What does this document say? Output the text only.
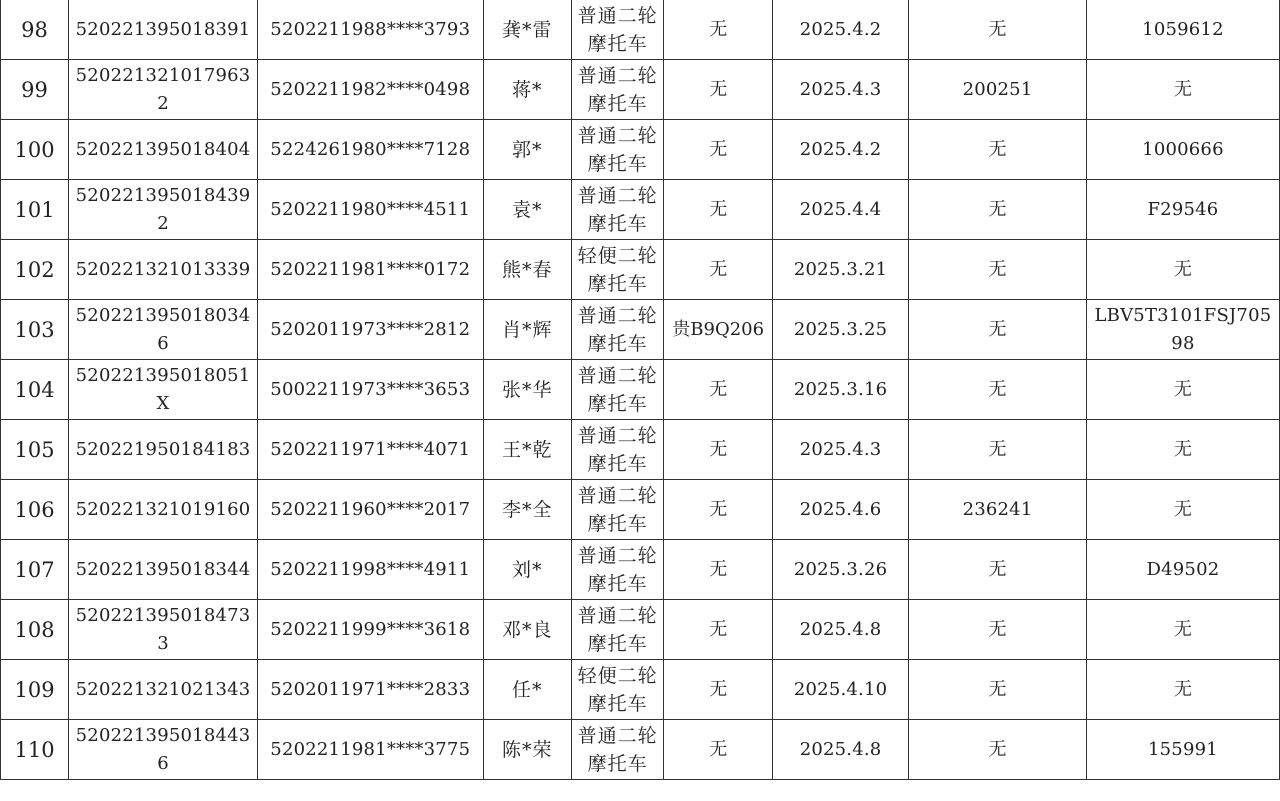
98	520221395018391	5202211988****3793	龚*雷	普通二轮摩托车	无	2025.4.2	无	1059612
99	5202213210179632	5202211982****0498	蒋*	普通二轮摩托车	无	2025.4.3	200251	无
100	520221395018404	5224261980****7128	郭*	普通二轮摩托车	无	2025.4.2	无	1000666
101	5202213950184392	5202211980****4511	袁*	普通二轮摩托车	无	2025.4.4	无	F29546
102	520221321013339	5202211981****0172	熊*春	轻便二轮摩托车	无	2025.3.21	无	无
103	5202213950180346	5202011973****2812	肖*辉	普通二轮摩托车	贵B9Q206	2025.3.25	无	LBV5T3101FSJ70598
104	520221395018051X	5002211973****3653	张*华	普通二轮摩托车	无	2025.3.16	无	无
105	520221950184183	5202211971****4071	王*乾	普通二轮摩托车	无	2025.4.3	无	无
106	520221321019160	5202211960****2017	李*全	普通二轮摩托车	无	2025.4.6	236241	无
107	520221395018344	5202211998****4911	刘*	普通二轮摩托车	无	2025.3.26	无	D49502
108	5202213950184733	5202211999****3618	邓*良	普通二轮摩托车	无	2025.4.8	无	无
109	520221321021343	5202011971****2833	任*	轻便二轮摩托车	无	2025.4.10	无	无
110	5202213950184436	5202211981****3775	陈*荣	普通二轮摩托车	无	2025.4.8	无	155991
